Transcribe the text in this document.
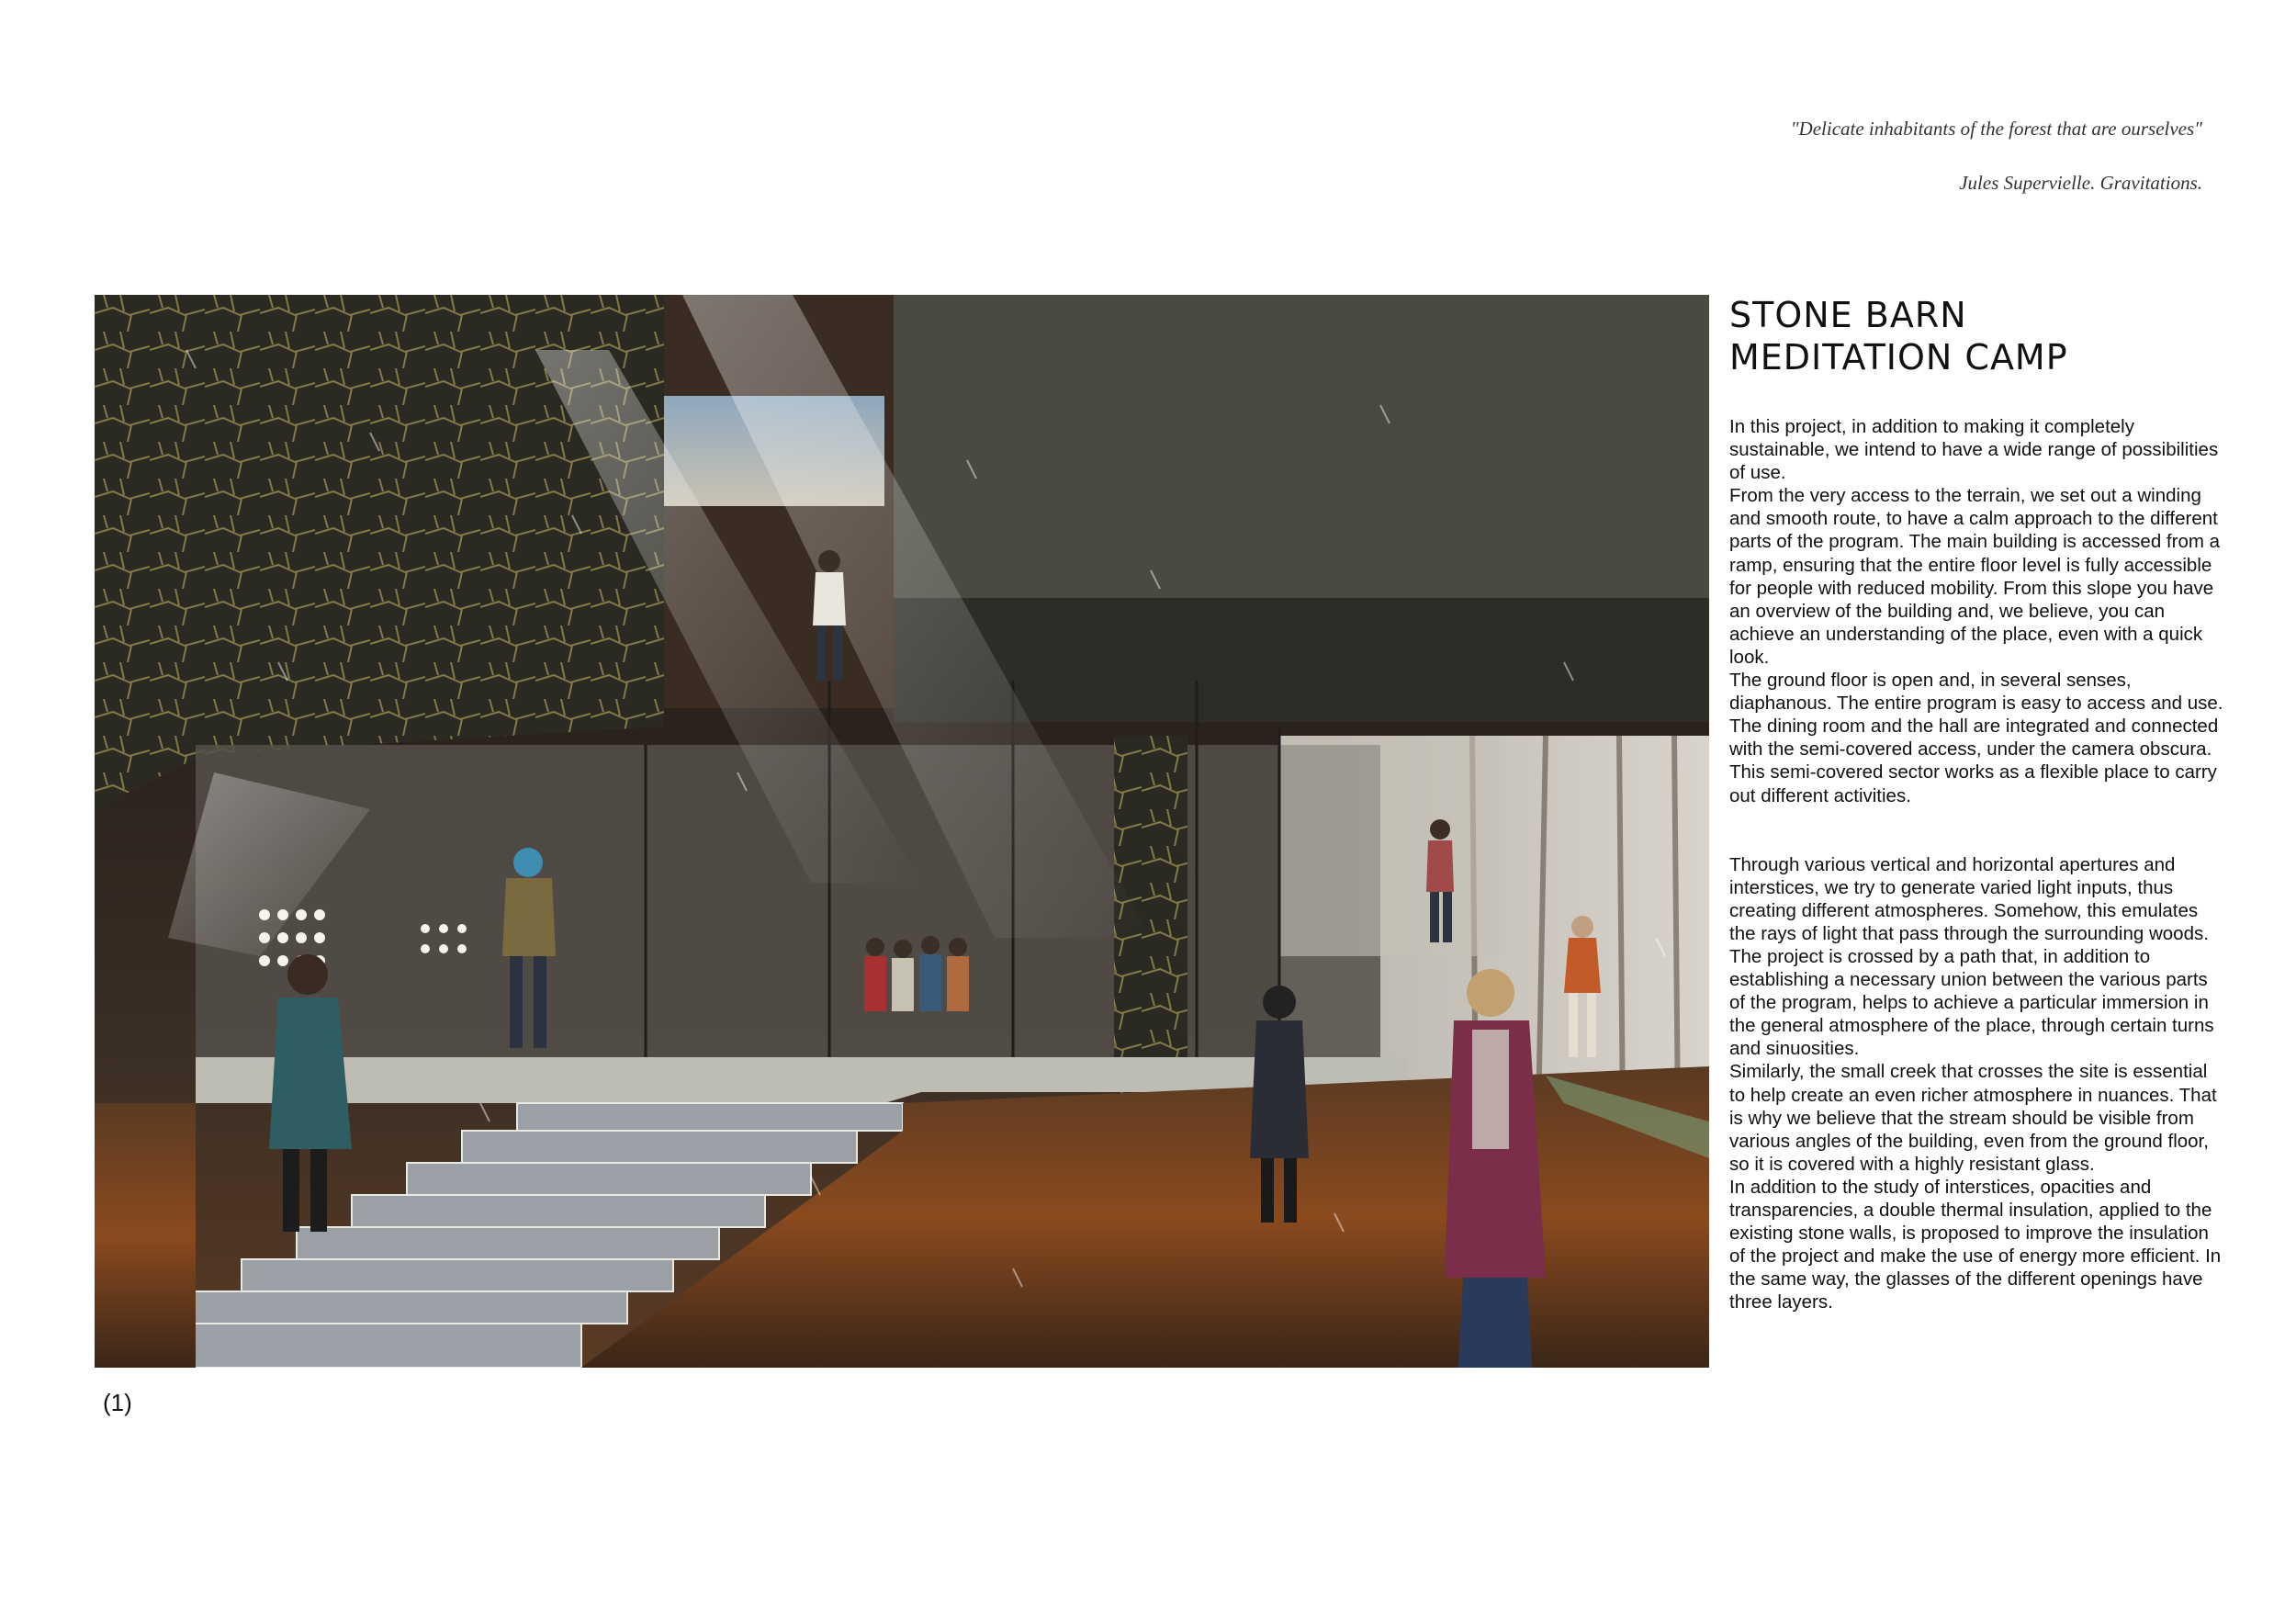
"Delicate inhabitants of the forest that are ourselves"
Jules Supervielle. Gravitations.
(1)
STONE BARN
MEDITATION CAMP

In this project, in addition to making it completely sustainable, we intend to have a wide range of possibilities of use.

From the very access to the terrain, we set out a winding and smooth route, to have a calm approach to the different parts of the program. The main building is accessed from a ramp, ensuring that the entire floor level is fully accessible for people with reduced mobility. From this slope you have an overview of the building and, we believe, you can achieve an understanding of the place, even with a quick look.

The ground floor is open and, in several senses, diaphanous. The entire program is easy to access and use. The dining room and the hall are integrated and connected with the semi-covered access, under the camera obscura. This semi-covered sector works as a flexible place to carry out different activities.

Through various vertical and horizontal apertures and interstices, we try to generate varied light inputs, thus creating different atmospheres. Somehow, this emulates the rays of light that pass through the surrounding woods.

The project is crossed by a path that, in addition to establishing a necessary union between the various parts of the program, helps to achieve a particular immersion in the general atmosphere of the place, through certain turns and sinuosities.

Similarly, the small creek that crosses the site is essential to help create an even richer atmosphere in nuances. That is why we believe that the stream should be visible from various angles of the building, even from the ground floor, so it is covered with a highly resistant glass.

In addition to the study of interstices, opacities and transparencies, a double thermal insulation, applied to the existing stone walls, is proposed to improve the insulation of the project and make the use of energy more efficient. In the same way, the glasses of the different openings have three layers.
